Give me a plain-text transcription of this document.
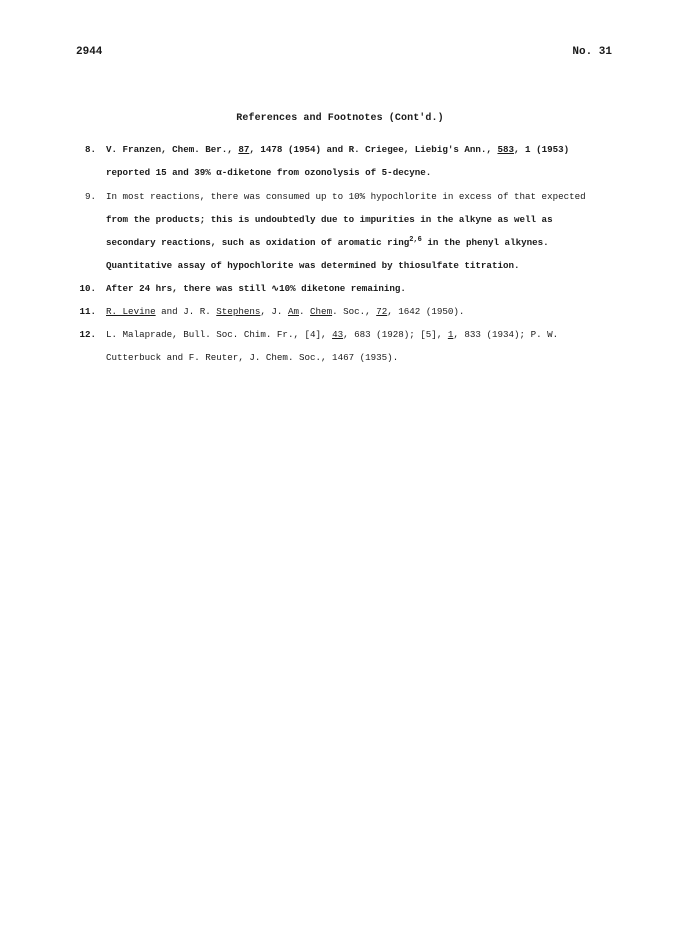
2944	No. 31
References and Footnotes (Cont'd.)
8. V. Franzen, Chem. Ber., 87, 1478 (1954) and R. Criegee, Liebig's Ann., 583, 1 (1953)
reported 15 and 39% α-diketone from ozonolysis of 5-decyne.
9. In most reactions, there was consumed up to 10% hypochlorite in excess of that expected
from the products; this is undoubtedly due to impurities in the alkyne as well as
secondary reactions, such as oxidation of aromatic ring$^{2,6}$ in the phenyl alkynes.
Quantitative assay of hypochlorite was determined by thiosulfate titration.
10. After 24 hrs, there was still ∿10% diketone remaining.
11. R. Levine and J. R. Stephens, J. Am. Chem. Soc., 72, 1642 (1950).
12. L. Malaprade, Bull. Soc. Chim. Fr., [4], 43, 683 (1928); [5], 1, 833 (1934); P. W.
Cutterbuck and F. Reuter, J. Chem. Soc., 1467 (1935).
